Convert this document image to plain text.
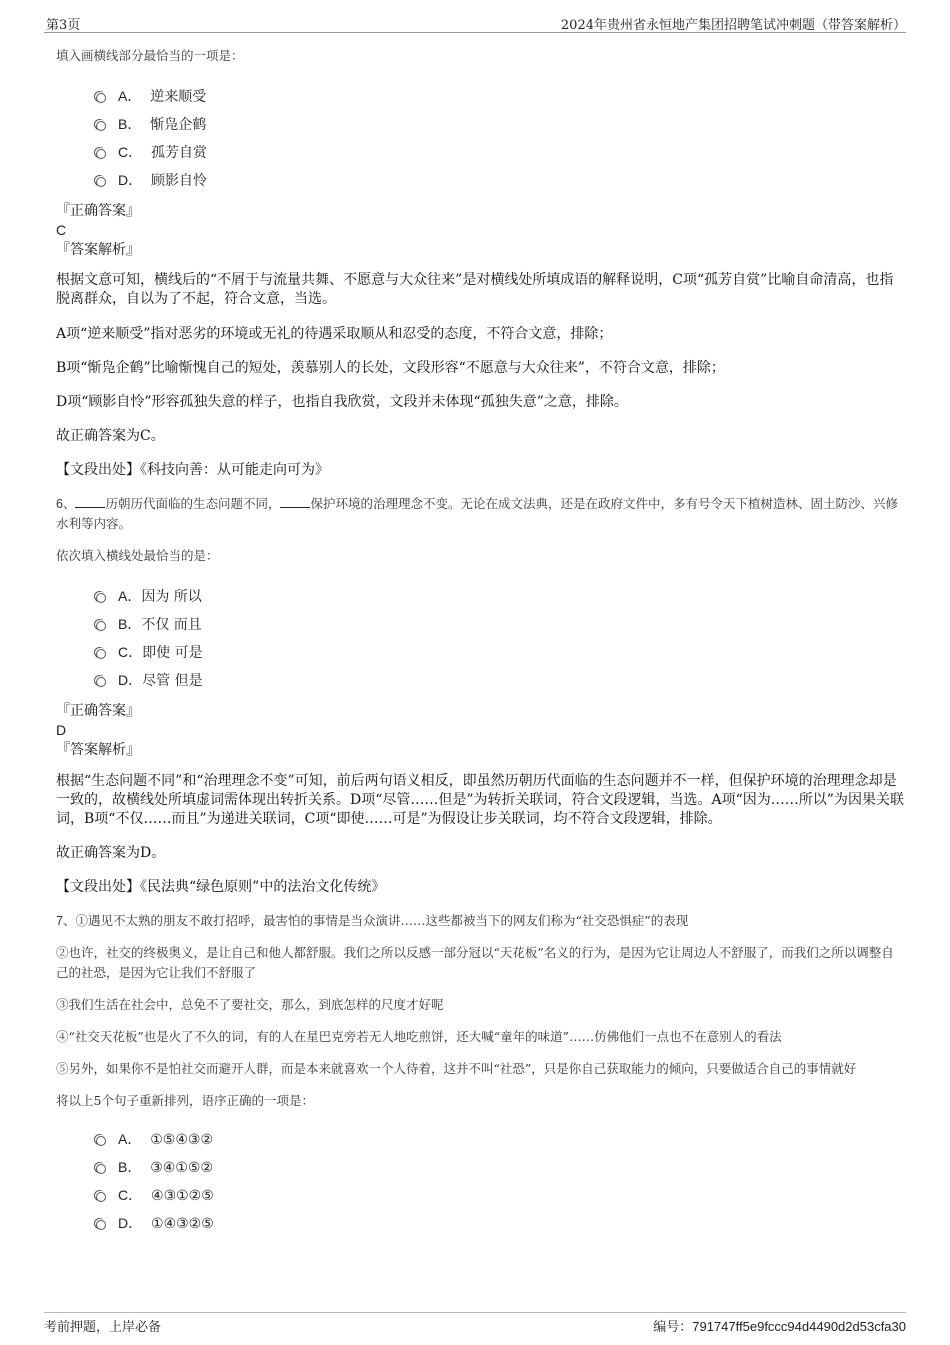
第3页	2024年贵州省永恒地产集团招聘笔试冲刺题（带答案解析）
填入画横线部分最恰当的一项是：
A． 逆来顺受
B． 惭凫企鹤
C． 孤芳自赏
D． 顾影自怜
『正确答案』
C
『答案解析』
根据文意可知，横线后的“不屑于与流量共舞、不愿意与大众往来”是对横线处所填成语的解释说明，C项“孤芳自赏”比喻自命清高，也指脱离群众，自以为了不起，符合文意，当选。
A项“逆来顺受”指对恶劣的环境或无礼的待遇采取顺从和忍受的态度，不符合文意，排除；
B项“惭凫企鹤”比喻惭愧自己的短处，羡慕别人的长处，文段形容“不愿意与大众往来”，不符合文意，排除；
D项“顾影自怜”形容孤独失意的样子，也指自我欣赏，文段并未体现“孤独失意”之意，排除。
故正确答案为C。
【文段出处】《科技向善：从可能走向可为》
6、 历朝历代面临的生态问题不同， 保护环境的治理理念不变。无论在成文法典，还是在政府文件中，多有号令天下植树造林、固土防沙、兴修水利等内容。
依次填入横线处最恰当的是：
A．因为 所以
B．不仅 而且
C．即使 可是
D．尽管 但是
『正确答案』
D
『答案解析』
根据“生态问题不同”和“治理理念不变”可知，前后两句语义相反，即虽然历朝历代面临的生态问题并不一样，但保护环境的治理理念却是一致的，故横线处所填虚词需体现出转折关系。D项“尽管……但是”为转折关联词，符合文段逻辑，当选。A项“因为……所以”为因果关联词，B项“不仅……而且”为递进关联词，C项“即使……可是”为假设让步关联词，均不符合文段逻辑，排除。
故正确答案为D。
【文段出处】《民法典“绿色原则”中的法治文化传统》
7、①遇见不太熟的朋友不敢打招呼，最害怕的事情是当众演讲……这些都被当下的网友们称为“社交恐惧症”的表现
②也许，社交的终极奥义，是让自己和他人都舒服。我们之所以反感一部分冠以“天花板”名义的行为，是因为它让周边人不舒服了，而我们之所以调整自己的社恐，是因为它让我们不舒服了
③我们生活在社会中，总免不了要社交，那么，到底怎样的尺度才好呢
④“社交天花板”也是火了不久的词，有的人在星巴克旁若无人地吃煎饼，还大喊“童年的味道”……仿佛他们一点也不在意别人的看法
⑤另外，如果你不是怕社交而避开人群，而是本来就喜欢一个人待着，这并不叫“社恐”，只是你自己获取能力的倾向，只要做适合自己的事情就好
将以上5个句子重新排列，语序正确的一项是：
A． ①⑤④③②
B． ③④①⑤②
C． ④③①②⑤
D． ①④③②⑤
考前押题，上岸必备	编号：791747ff5e9fccc94d4490d2d53cfa30
